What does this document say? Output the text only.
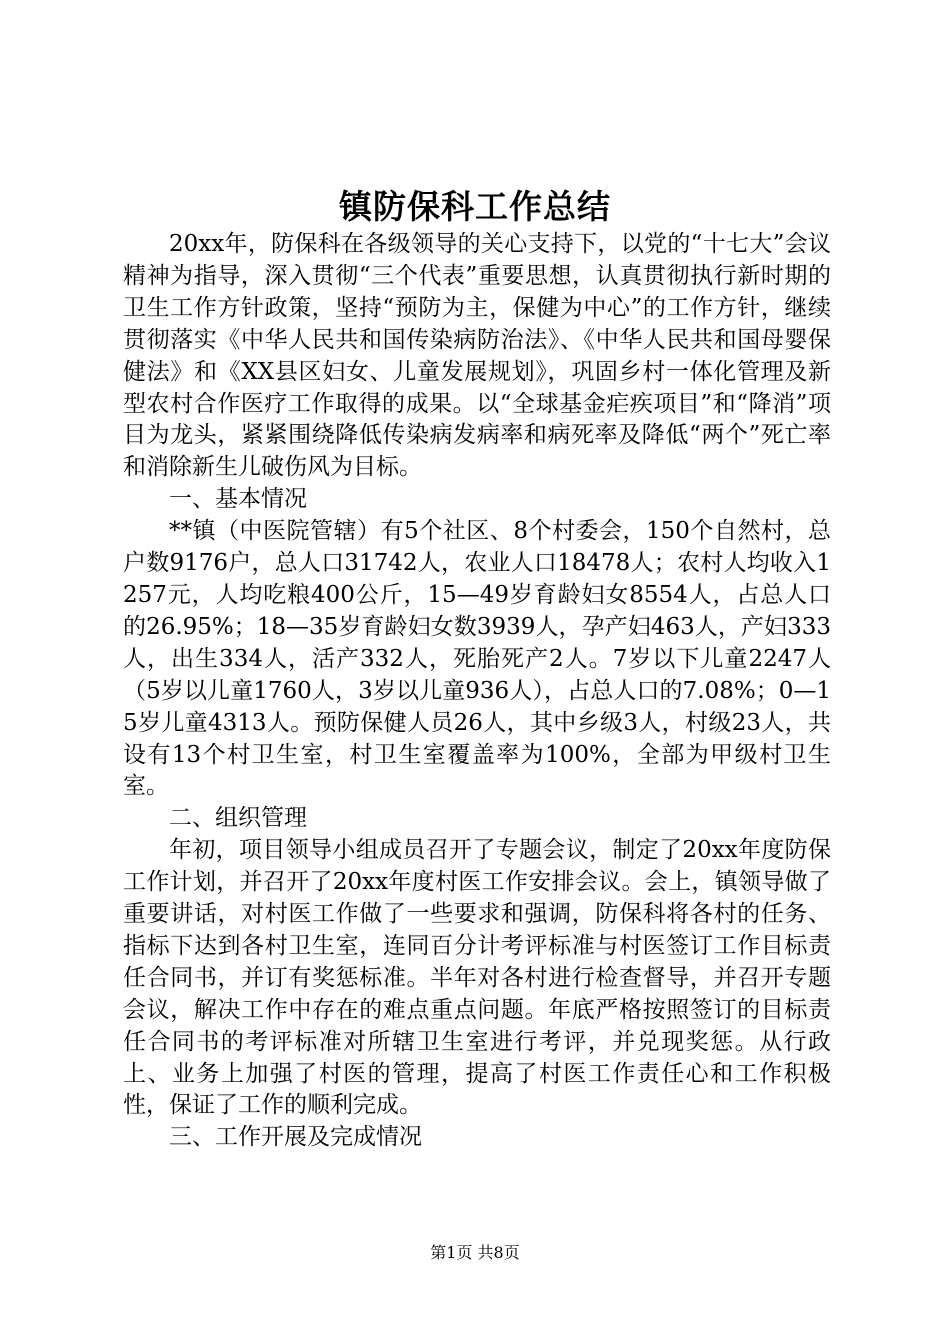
镇防保科工作总结

20xx年，防保科在各级领导的关心支持下，以党的“十七大”会议精神为指导，深入贯彻“三个代表”重要思想，认真贯彻执行新时期的卫生工作方针政策，坚持“预防为主，保健为中心”的工作方针，继续贯彻落实《中华人民共和国传染病防治法》、《中华人民共和国母婴保健法》和《XX县区妇女、儿童发展规划》，巩固乡村一体化管理及新型农村合作医疗工作取得的成果。以“全球基金疟疾项目”和“降消”项目为龙头，紧紧围绕降低传染病发病率和病死率及降低“两个”死亡率和消除新生儿破伤风为目标。

一、基本情况

**镇（中医院管辖）有5个社区、8个村委会，150个自然村，总户数9176户，总人口31742人，农业人口18478人；农村人均收入1257元，人均吃粮400公斤，15—49岁育龄妇女8554人，占总人口的26.95%；18—35岁育龄妇女数3939人，孕产妇463人，产妇333人，出生334人，活产332人，死胎死产2人。7岁以下儿童2247人（5岁以儿童1760人，3岁以儿童936人），占总人口的7.08%；0—15岁儿童4313人。预防保健人员26人，其中乡级3人，村级23人，共设有13个村卫生室，村卫生室覆盖率为100%，全部为甲级村卫生室。

二、组织管理

年初，项目领导小组成员召开了专题会议，制定了20xx年度防保工作计划，并召开了20xx年度村医工作安排会议。会上，镇领导做了重要讲话，对村医工作做了一些要求和强调，防保科将各村的任务、指标下达到各村卫生室，连同百分计考评标准与村医签订工作目标责任合同书，并订有奖惩标准。半年对各村进行检查督导，并召开专题会议，解决工作中存在的难点重点问题。年底严格按照签订的目标责任合同书的考评标准对所辖卫生室进行考评，并兑现奖惩。从行政上、业务上加强了村医的管理，提高了村医工作责任心和工作积极性，保证了工作的顺利完成。

三、工作开展及完成情况

第1页 共8页
